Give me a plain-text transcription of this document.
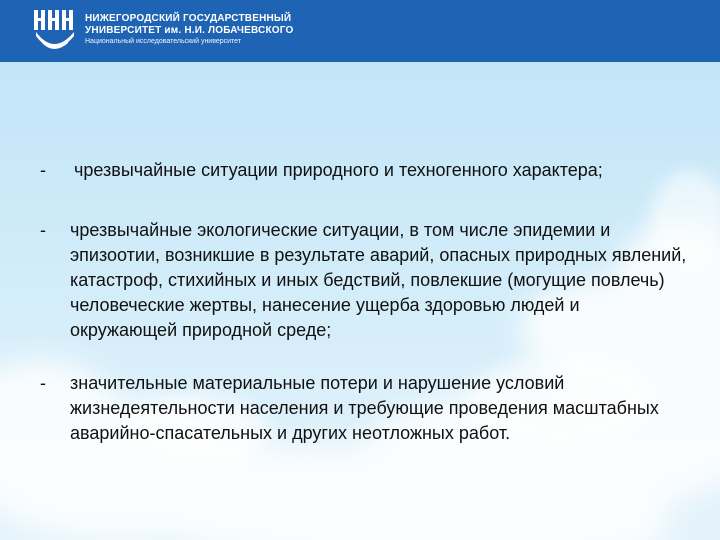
НИЖЕГОРОДСКИЙ ГОСУДАРСТВЕННЫЙ
УНИВЕРСИТЕТ им. Н.И. ЛОБАЧЕВСКОГО
Национальный исследовательский университет
- чрезвычайные ситуации природного и техногенного характера;
- чрезвычайные экологические ситуации, в том числе эпидемии и эпизоотии, возникшие в результате аварий, опасных природных явлений, катастроф, стихийных и иных бедствий, повлекшие (могущие повлечь) человеческие жертвы, нанесение ущерба здоровью людей и окружающей природной среде;
- значительные материальные потери и нарушение условий жизнедеятельности населения и требующие проведения масштабных аварийно-спасательных и других неотложных работ.
